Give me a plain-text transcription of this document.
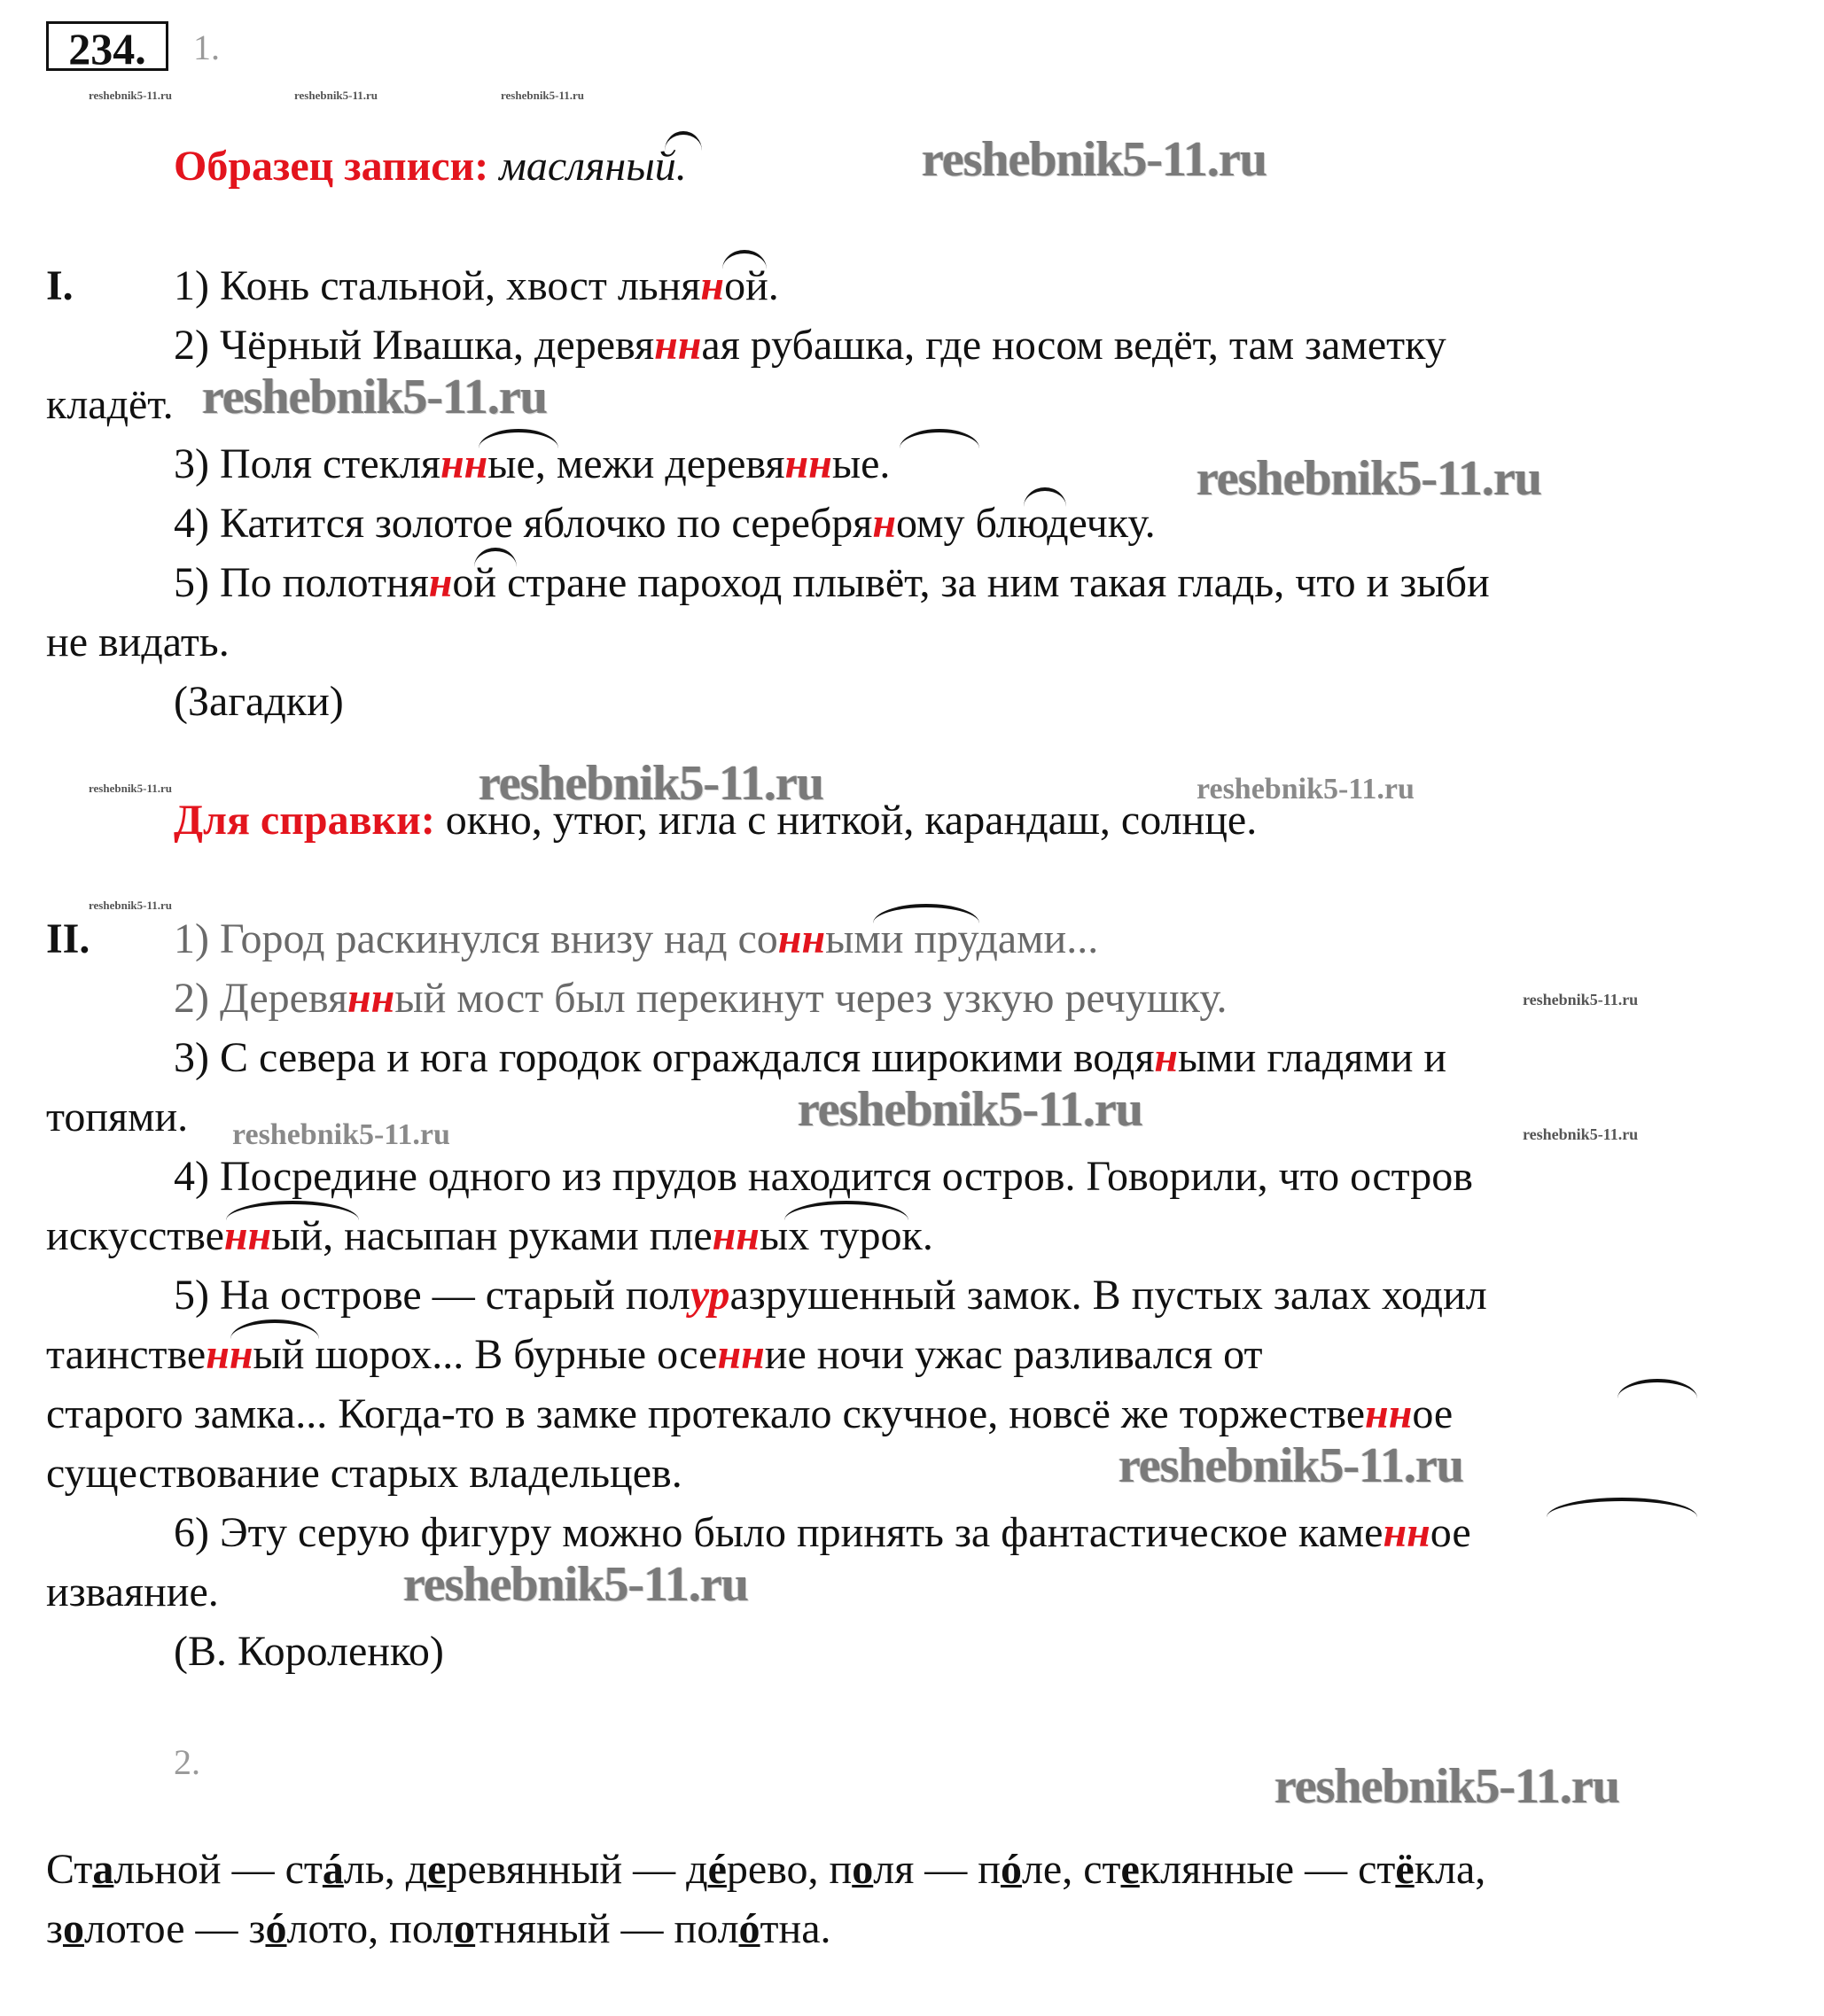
234.	1.
reshebnik5-11.ru	reshebnik5-11.ru	reshebnik5-11.ru
Образец записи: масляный.	reshebnik5-11.ru
I. 1) Конь стальной, хвост льняной.
2) Чёрный Ивашка, деревянная рубашка, где носом ведёт, там заметку
кладёт. reshebnik5-11.ru
3) Поля стеклянные, межи деревянные.	reshebnik5-11.ru
4) Катится золотое яблочко по серебряному блюдечку.
5) По полотняной стране пароход плывёт, за ним такая гладь, что и зыби
не видать.
(Загадки)
reshebnik5-11.ru	reshebnik5-11.ru	reshebnik5-11.ru
Для справки: окно, утюг, игла с ниткой, карандаш, солнце.
reshebnik5-11.ru
II. 1) Город раскинулся внизу над сонными прудами...
2) Деревянный мост был перекинут через узкую речушку.	reshebnik5-11.ru
3) С севера и юга городок ограждался широкими водяными гладями и
топями. reshebnik5-11.ru	reshebnik5-11.ru	reshebnik5-11.ru
4) Посредине одного из прудов находится остров. Говорили, что остров
искусственный, насыпан руками пленных турок.
5) На острове — старый полуразрушенный замок. В пустых залах ходил
таинственный шорох... В бурные осенние ночи ужас разливался от
старого замка... Когда-то в замке протекало скучное, новсё же торжественное
существование старых владельцев.	reshebnik5-11.ru
6) Эту серую фигуру можно было принять за фантастическое каменное
изваяние.	reshebnik5-11.ru
(В. Короленко)
2.	reshebnik5-11.ru
Стальной — стáль, деревянный — дéрево, поля — пóле, стеклянные — стёкла,
золотое — зóлото, полотняный — полóтна.
